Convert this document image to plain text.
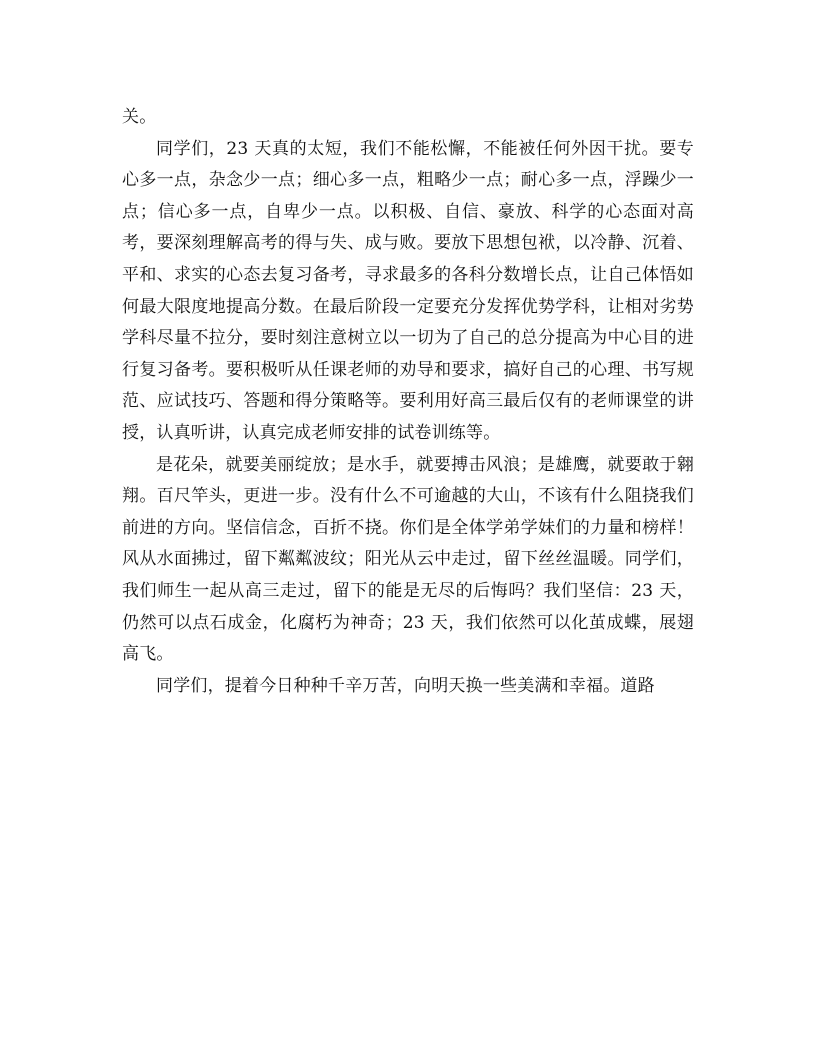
关。

同学们，23 天真的太短，我们不能松懈，不能被任何外因干扰。要专心多一点，杂念少一点；细心多一点，粗略少一点；耐心多一点，浮躁少一点；信心多一点，自卑少一点。以积极、自信、豪放、科学的心态面对高考，要深刻理解高考的得与失、成与败。要放下思想包袱，以冷静、沉着、平和、求实的心态去复习备考，寻求最多的各科分数增长点，让自己体悟如何最大限度地提高分数。在最后阶段一定要充分发挥优势学科，让相对劣势学科尽量不拉分，要时刻注意树立以一切为了自己的总分提高为中心目的进行复习备考。要积极听从任课老师的劝导和要求，搞好自己的心理、书写规范、应试技巧、答题和得分策略等。要利用好高三最后仅有的老师课堂的讲授，认真听讲，认真完成老师安排的试卷训练等。

是花朵，就要美丽绽放；是水手，就要搏击风浪；是雄鹰，就要敢于翱翔。百尺竿头，更进一步。没有什么不可逾越的大山，不该有什么阻挠我们前进的方向。坚信信念，百折不挠。你们是全体学弟学妹们的力量和榜样！风从水面拂过，留下粼粼波纹；阳光从云中走过，留下丝丝温暖。同学们，我们师生一起从高三走过，留下的能是无尽的后悔吗？我们坚信：23 天，仍然可以点石成金，化腐朽为神奇；23 天，我们依然可以化茧成蝶，展翅高飞。

同学们，提着今日种种千辛万苦，向明天换一些美满和幸福。道路
